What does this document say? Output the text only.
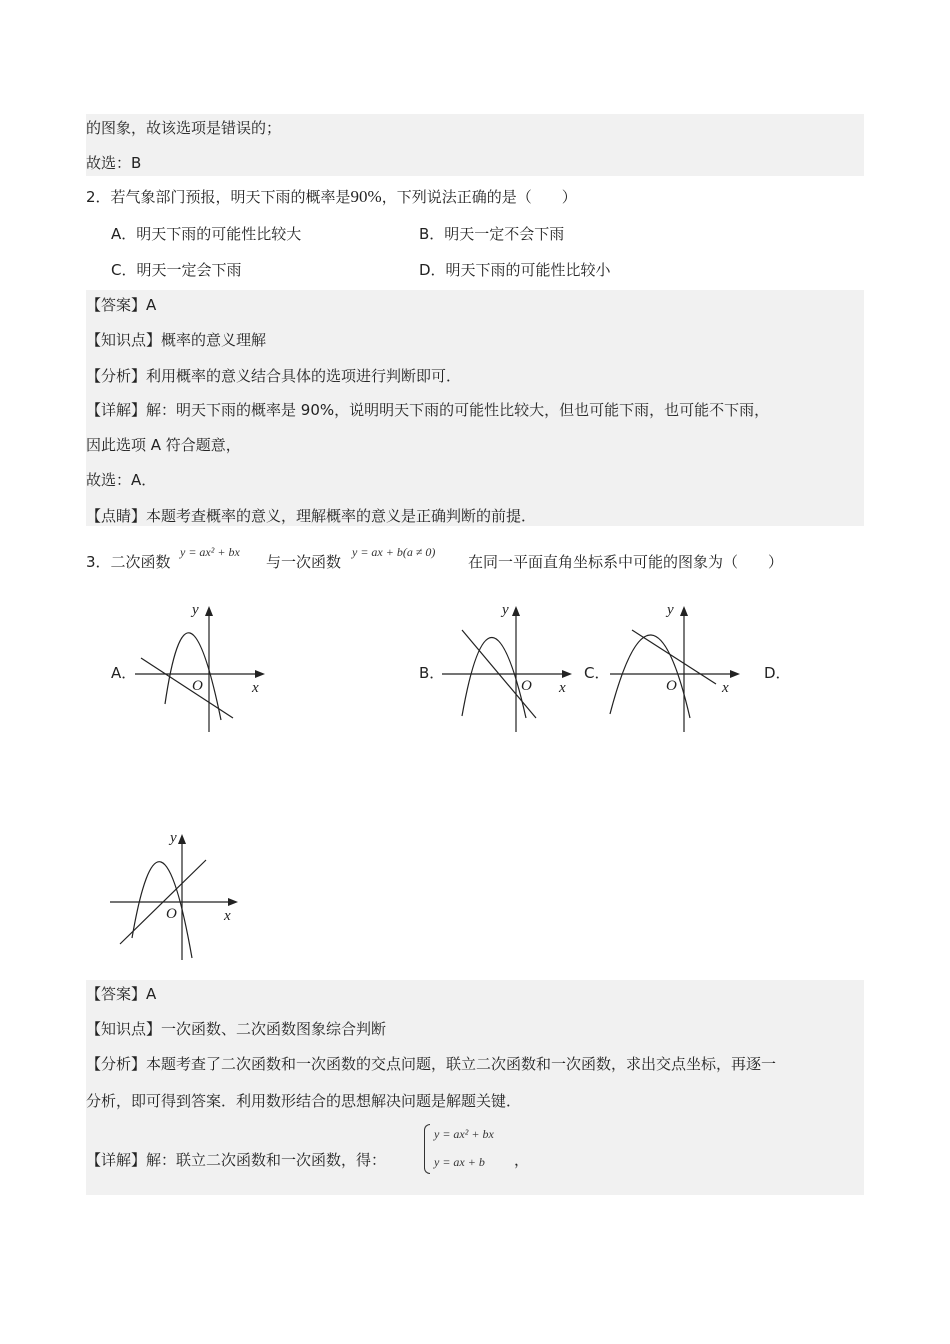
的图象，故该选项是错误的；
故选：B
2．若气象部门预报，明天下雨的概率是90%，下列说法正确的是（　　）
A．明天下雨的可能性比较大	B．明天一定不会下雨
C．明天一定会下雨	D．明天下雨的可能性比较小
【答案】A
【知识点】概率的意义理解
【分析】利用概率的意义结合具体的选项进行判断即可．
【详解】解：明天下雨的概率是 90%，说明明天下雨的可能性比较大，但也可能下雨，也可能不下雨，
因此选项 A 符合题意，
故选：A．
【点睛】本题考查概率的意义，理解概率的意义是正确判断的前提．
3．二次函数
y = ax² + bx
与一次函数
y = ax + b(a ≠ 0)
在同一平面直角坐标系中可能的图象为（　　）
A．	B．	C．	D．
y
x
O
y
x
O
y
x
O
y
x
O
【答案】A
【知识点】一次函数、二次函数图象综合判断
【分析】本题考查了二次函数和一次函数的交点问题，联立二次函数和一次函数，求出交点坐标，再逐一
分析，即可得到答案．利用数形结合的思想解决问题是解题关键．
【详解】解：联立二次函数和一次函数，得：
y = ax² + bx
y = ax + b ，
